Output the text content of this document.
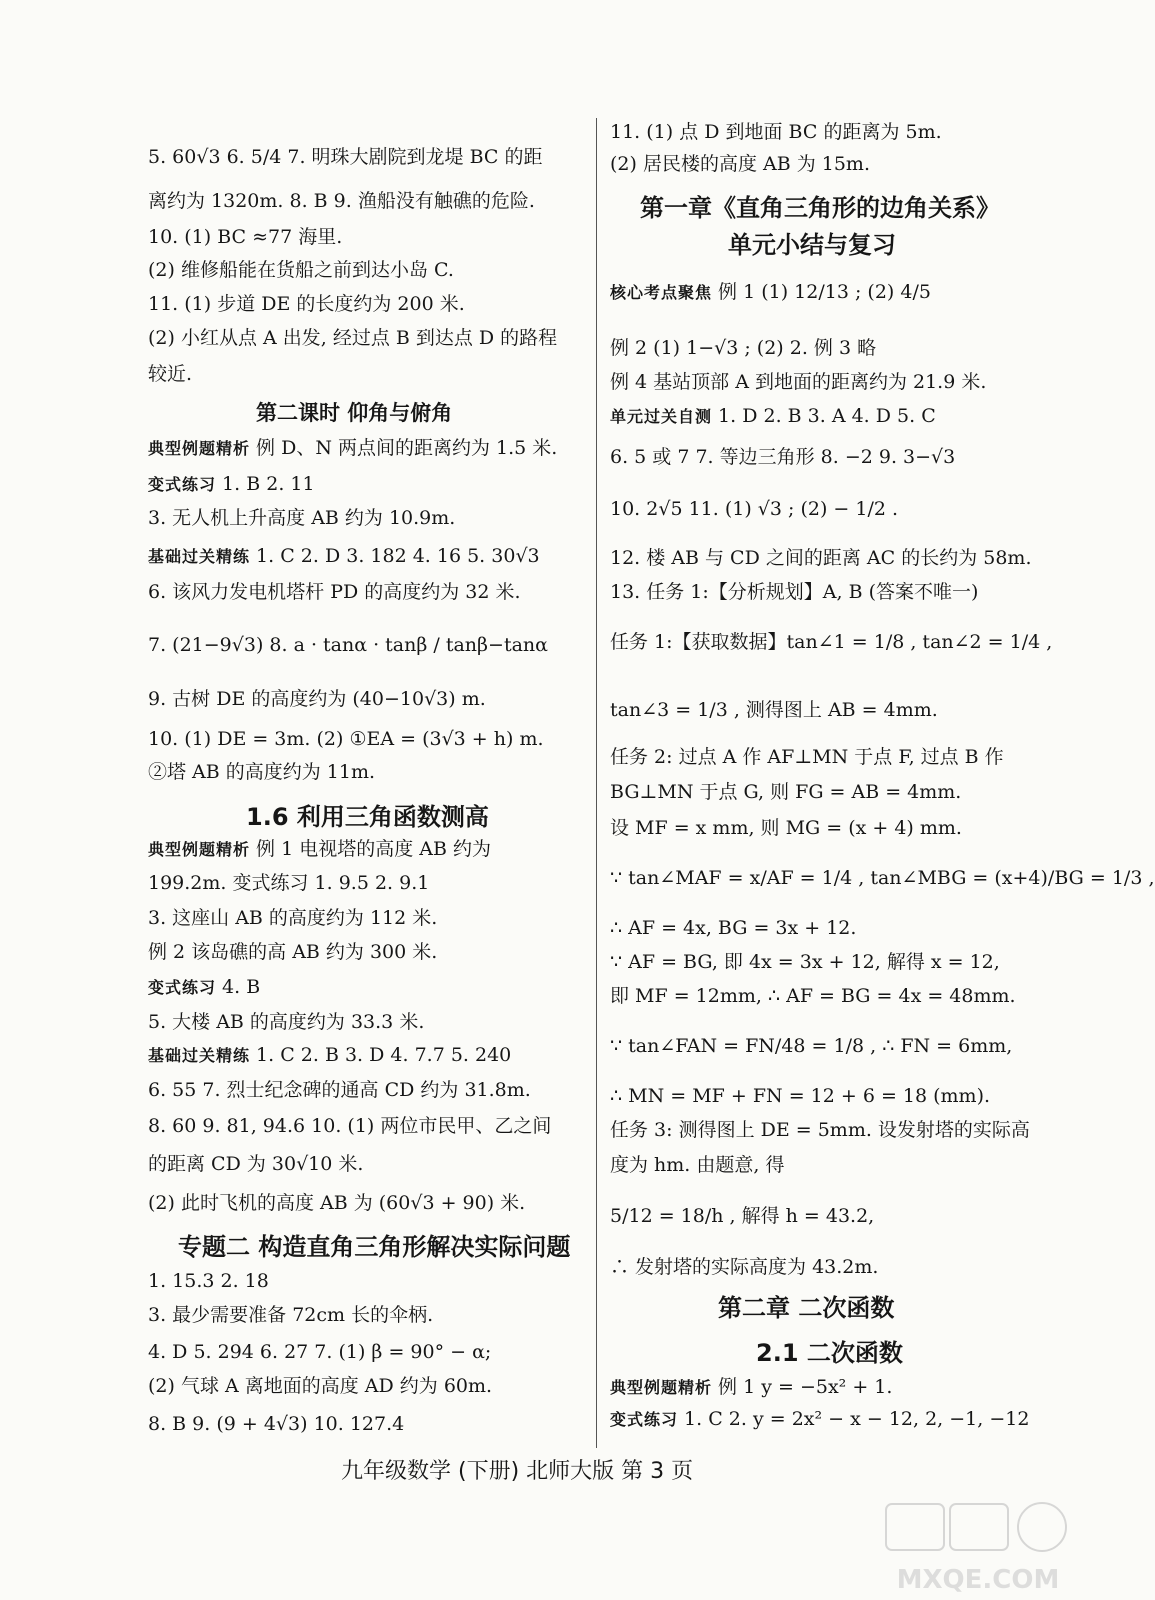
5. 60√3 6. 5/4 7. 明珠大剧院到龙堤 BC 的距
离约为 1320m. 8. B 9. 渔船没有触礁的危险.
10. (1) BC ≈77 海里.
(2) 维修船能在货船之前到达小岛 C.
11. (1) 步道 DE 的长度约为 200 米.
(2) 小红从点 A 出发, 经过点 B 到达点 D 的路程
较近.
第二课时 仰角与俯角
典型例题精析 例 D、N 两点间的距离约为 1.5 米.
变式练习 1. B 2. 11
3. 无人机上升高度 AB 约为 10.9m.
基础过关精练 1. C 2. D 3. 182 4. 16 5. 30√3
6. 该风力发电机塔杆 PD 的高度约为 32 米.
7. (21−9√3) 8. a · tanα · tanβ / tanβ−tanα
9. 古树 DE 的高度约为 (40−10√3) m.
10. (1) DE = 3m. (2) ①EA = (3√3 + h) m.
②塔 AB 的高度约为 11m.
1.6 利用三角函数测高
典型例题精析 例 1 电视塔的高度 AB 约为
199.2m. 变式练习 1. 9.5 2. 9.1
3. 这座山 AB 的高度约为 112 米.
例 2 该岛礁的高 AB 约为 300 米.
变式练习 4. B
5. 大楼 AB 的高度约为 33.3 米.
基础过关精练 1. C 2. B 3. D 4. 7.7 5. 240
6. 55 7. 烈士纪念碑的通高 CD 约为 31.8m.
8. 60 9. 81, 94.6 10. (1) 两位市民甲、乙之间
的距离 CD 为 30√10 米.
(2) 此时飞机的高度 AB 为 (60√3 + 90) 米.
专题二 构造直角三角形解决实际问题
1. 15.3 2. 18
3. 最少需要准备 72cm 长的伞柄.
4. D 5. 294 6. 27 7. (1) β = 90° − α;
(2) 气球 A 离地面的高度 AD 约为 60m.
8. B 9. (9 + 4√3) 10. 127.4
11. (1) 点 D 到地面 BC 的距离为 5m.
(2) 居民楼的高度 AB 为 15m.
第一章《直角三角形的边角关系》
单元小结与复习
核心考点聚焦 例 1 (1) 12/13 ; (2) 4/5
例 2 (1) 1−√3 ; (2) 2. 例 3 略
例 4 基站顶部 A 到地面的距离约为 21.9 米.
单元过关自测 1. D 2. B 3. A 4. D 5. C
6. 5 或 7 7. 等边三角形 8. −2 9. 3−√3
10. 2√5 11. (1) √3 ; (2) − 1/2 .
12. 楼 AB 与 CD 之间的距离 AC 的长约为 58m.
13. 任务 1:【分析规划】A, B (答案不唯一)
任务 1:【获取数据】tan∠1 = 1/8 , tan∠2 = 1/4 ,
tan∠3 = 1/3 , 测得图上 AB = 4mm.
任务 2: 过点 A 作 AF⊥MN 于点 F, 过点 B 作
BG⊥MN 于点 G, 则 FG = AB = 4mm.
设 MF = x mm, 则 MG = (x + 4) mm.
∵ tan∠MAF = x/AF = 1/4 , tan∠MBG = (x+4)/BG = 1/3 ,
∴ AF = 4x, BG = 3x + 12.
∵ AF = BG, 即 4x = 3x + 12, 解得 x = 12,
即 MF = 12mm, ∴ AF = BG = 4x = 48mm.
∵ tan∠FAN = FN/48 = 1/8 , ∴ FN = 6mm,
∴ MN = MF + FN = 12 + 6 = 18 (mm).
任务 3: 测得图上 DE = 5mm. 设发射塔的实际高
度为 hm. 由题意, 得
5/12 = 18/h , 解得 h = 43.2,
∴ 发射塔的实际高度为 43.2m.
第二章 二次函数
2.1 二次函数
典型例题精析 例 1 y = −5x² + 1.
变式练习 1. C 2. y = 2x² − x − 12, 2, −1, −12
九年级数学 (下册) 北师大版 第 3 页
MXQE.COM
